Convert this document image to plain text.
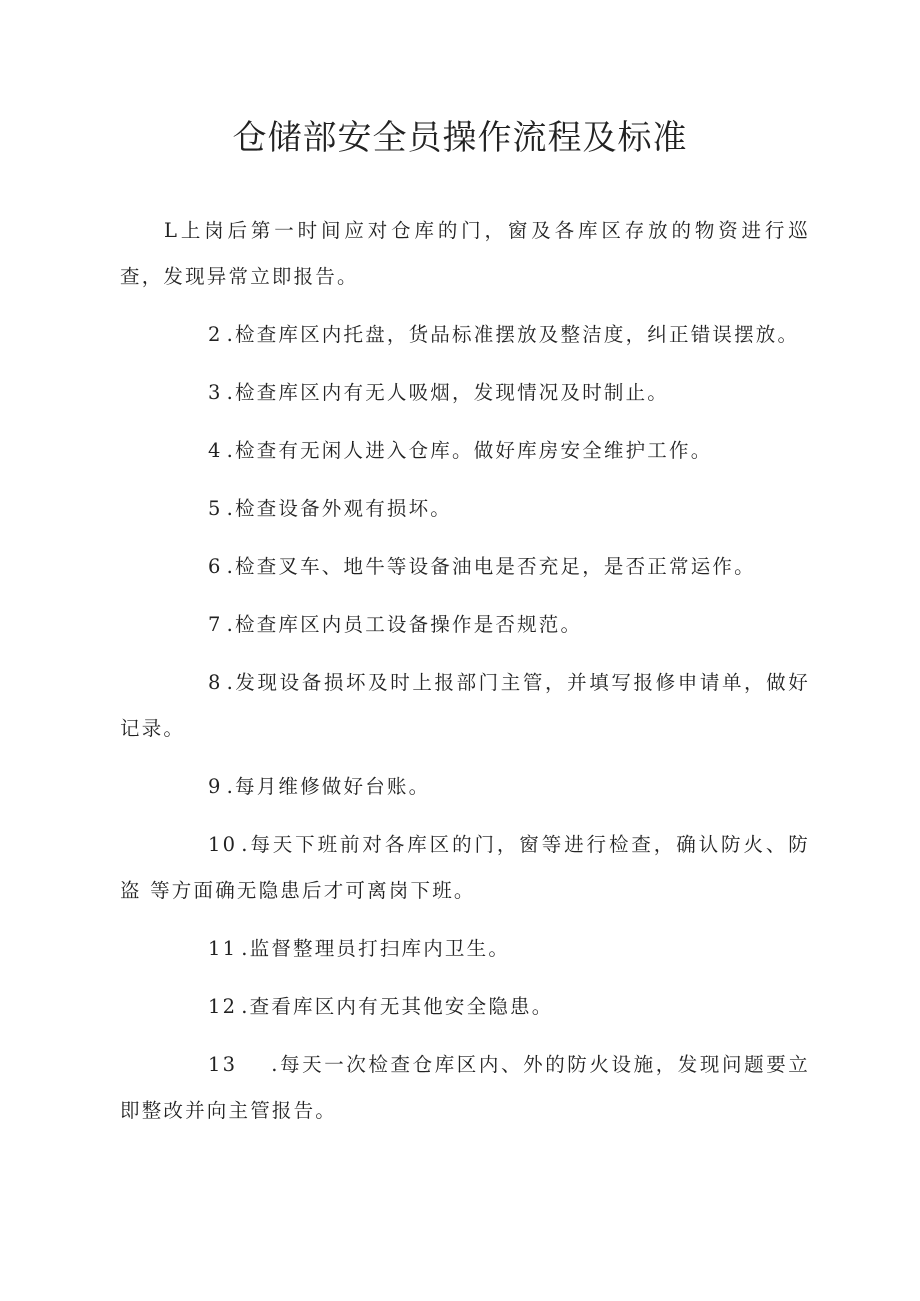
仓储部安全员操作流程及标准

L上岗后第一时间应对仓库的门，窗及各库区存放的物资进行巡 查，发现异常立即报告。

2 .检查库区内托盘，货品标准摆放及整洁度，纠正错误摆放。

3 .检查库区内有无人吸烟，发现情况及时制止。

4 .检查有无闲人进入仓库。做好库房安全维护工作。

5 .检查设备外观有损坏。

6 .检查叉车、地牛等设备油电是否充足，是否正常运作。

7 .检查库区内员工设备操作是否规范。

8 .发现设备损坏及时上报部门主管，并填写报修申请单，做好记录。

9 .每月维修做好台账。

10 .每天下班前对各库区的门，窗等进行检查，确认防火、防盗 等方面确无隐患后才可离岗下班。

11 .监督整理员打扫库内卫生。

12 .查看库区内有无其他安全隐患。

13 .每天一次检查仓库区内、外的防火设施，发现问题要立即整改并向主管报告。
